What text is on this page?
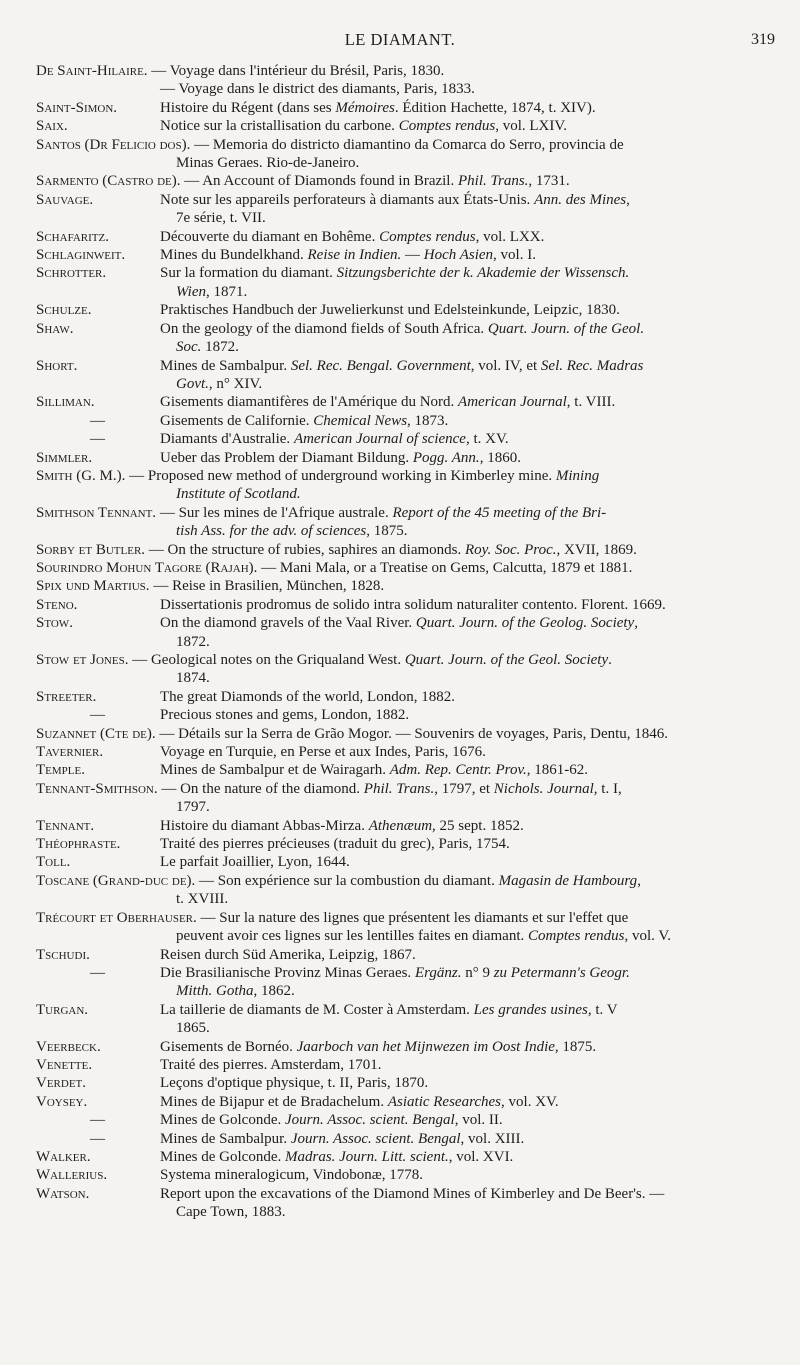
LE DIAMANT.	319
De Saint-Hilaire. — Voyage dans l'intérieur du Brésil, Paris, 1830.
— Voyage dans le district des diamants, Paris, 1833.
Saint-Simon.	Histoire du Régent (dans ses Mémoires. Édition Hachette, 1874, t. XIV).
Saix.	Notice sur la cristallisation du carbone. Comptes rendus, vol. LXIV.
Santos (Dr Felicio dos). — Memoria do districto diamantino da Comarca do Serro, provincia de
Minas Geraes. Rio-de-Janeiro.
Sarmento (Castro de). — An Account of Diamonds found in Brazil. Phil. Trans., 1731.
Sauvage.	Note sur les appareils perforateurs à diamants aux États-Unis. Ann. des Mines,
7e série, t. VII.
Schafaritz.	Découverte du diamant en Bohême. Comptes rendus, vol. LXX.
Schlaginweit.	Mines du Bundelkhand. Reise in Indien. — Hoch Asien, vol. I.
Schrotter.	Sur la formation du diamant. Sitzungsberichte der k. Akademie der Wissensch.
Wien, 1871.
Schulze.	Praktisches Handbuch der Juwelierkunst und Edelsteinkunde, Leipzic, 1830.
Shaw.	On the geology of the diamond fields of South Africa. Quart. Journ. of the Geol.
Soc. 1872.
Short.	Mines de Sambalpur. Sel. Rec. Bengal. Government, vol. IV, et Sel. Rec. Madras
Govt., n° XIV.
Silliman.	Gisements diamantifères de l'Amérique du Nord. American Journal, t. VIII.
—	Gisements de Californie. Chemical News, 1873.
—	Diamants d'Australie. American Journal of science, t. XV.
Simmler.	Ueber das Problem der Diamant Bildung. Pogg. Ann., 1860.
Smith (G. M.). — Proposed new method of underground working in Kimberley mine. Mining
Institute of Scotland.
Smithson Tennant. — Sur les mines de l'Afrique australe. Report of the 45 meeting of the Bri-
tish Ass. for the adv. of sciences, 1875.
Sorby et Butler. — On the structure of rubies, saphires an diamonds. Roy. Soc. Proc., XVII, 1869.
Sourindro Mohun Tagore (Rajah). — Mani Mala, or a Treatise on Gems, Calcutta, 1879 et 1881.
Spix und Martius. — Reise in Brasilien, München, 1828.
Steno.	Dissertationis prodromus de solido intra solidum naturaliter contento. Florent. 1669.
Stow.	On the diamond gravels of the Vaal River. Quart. Journ. of the Geolog. Society,
1872.
Stow et Jones. — Geological notes on the Griqualand West. Quart. Journ. of the Geol. Society.
1874.
Streeter.	The great Diamonds of the world, London, 1882.
—	Precious stones and gems, London, 1882.
Suzannet (Cte de). — Détails sur la Serra de Grão Mogor. — Souvenirs de voyages, Paris, Dentu, 1846.
Tavernier.	Voyage en Turquie, en Perse et aux Indes, Paris, 1676.
Temple.	Mines de Sambalpur et de Wairagarh. Adm. Rep. Centr. Prov., 1861-62.
Tennant-Smithson. — On the nature of the diamond. Phil. Trans., 1797, et Nichols. Journal, t. I,
1797.
Tennant.	Histoire du diamant Abbas-Mirza. Athenæum, 25 sept. 1852.
Théophraste.	Traité des pierres précieuses (traduit du grec), Paris, 1754.
Toll.	Le parfait Joaillier, Lyon, 1644.
Toscane (Grand-duc de). — Son expérience sur la combustion du diamant. Magasin de Hambourg,
t. XVIII.
Trécourt et Oberhauser. — Sur la nature des lignes que présentent les diamants et sur l'effet que
peuvent avoir ces lignes sur les lentilles faites en diamant. Comptes rendus, vol. V.
Tschudi.	Reisen durch Süd Amerika, Leipzig, 1867.
—	Die Brasilianische Provinz Minas Geraes. Ergänz. n° 9 zu Petermann's Geogr.
Mitth. Gotha, 1862.
Turgan.	La taillerie de diamants de M. Coster à Amsterdam. Les grandes usines, t. V
1865.
Veerbeck.	Gisements de Bornéo. Jaarboch van het Mijnwezen im Oost Indie, 1875.
Venette.	Traité des pierres. Amsterdam, 1701.
Verdet.	Leçons d'optique physique, t. II, Paris, 1870.
Voysey.	Mines de Bijapur et de Bradachelum. Asiatic Researches, vol. XV.
—	Mines de Golconde. Journ. Assoc. scient. Bengal, vol. II.
—	Mines de Sambalpur. Journ. Assoc. scient. Bengal, vol. XIII.
Walker.	Mines de Golconde. Madras. Journ. Litt. scient., vol. XVI.
Wallerius.	Systema mineralogicum, Vindobonæ, 1778.
Watson.	Report upon the excavations of the Diamond Mines of Kimberley and De Beer's. —
Cape Town, 1883.
